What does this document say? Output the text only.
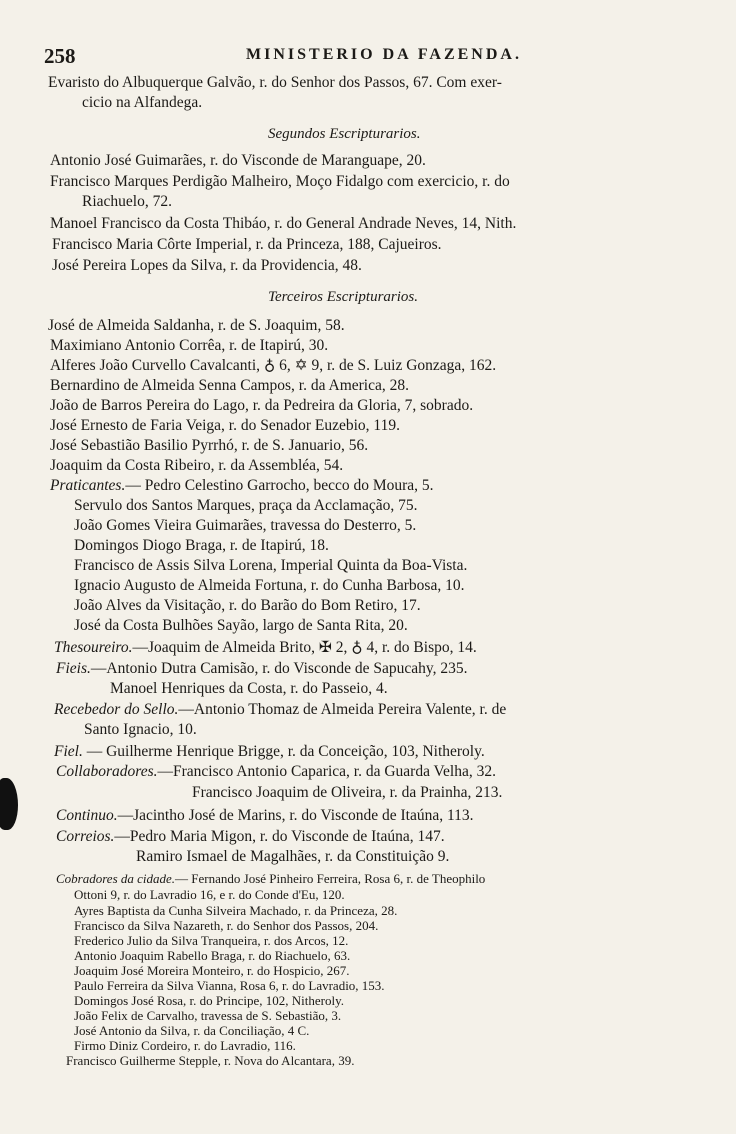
258	MINISTERIO DA FAZENDA.
Evaristo do Albuquerque Galvão, r. do Senhor dos Passos, 67. Com exer-
cicio na Alfandega.
Segundos Escripturarios.
Antonio José Guimarães, r. do Visconde de Maranguape, 20.
Francisco Marques Perdigão Malheiro, Moço Fidalgo com exercicio, r. do
Riachuelo, 72.
Manoel Francisco da Costa Thibáo, r. do General Andrade Neves, 14, Nith.
Francisco Maria Côrte Imperial, r. da Princeza, 188, Cajueiros.
José Pereira Lopes da Silva, r. da Providencia, 48.
Terceiros Escripturarios.
José de Almeida Saldanha, r. de S. Joaquim, 58.
Maximiano Antonio Corrêa, r. de Itapirú, 30.
Alferes João Curvello Cavalcanti, ♁ 6, ✡ 9, r. de S. Luiz Gonzaga, 162.
Bernardino de Almeida Senna Campos, r. da America, 28.
João de Barros Pereira do Lago, r. da Pedreira da Gloria, 7, sobrado.
José Ernesto de Faria Veiga, r. do Senador Euzebio, 119.
José Sebastião Basilio Pyrrhó, r. de S. Januario, 56.
Joaquim da Costa Ribeiro, r. da Assembléa, 54.
Praticantes.— Pedro Celestino Garrocho, becco do Moura, 5.
Servulo dos Santos Marques, praça da Acclamação, 75.
João Gomes Vieira Guimarães, travessa do Desterro, 5.
Domingos Diogo Braga, r. de Itapirú, 18.
Francisco de Assis Silva Lorena, Imperial Quinta da Boa-Vista.
Ignacio Augusto de Almeida Fortuna, r. do Cunha Barbosa, 10.
João Alves da Visitação, r. do Barão do Bom Retiro, 17.
José da Costa Bulhões Sayão, largo de Santa Rita, 20.
Thesoureiro.—Joaquim de Almeida Brito, ✠ 2, ♁ 4, r. do Bispo, 14.
Fieis.—Antonio Dutra Camisão, r. do Visconde de Sapucahy, 235.
Manoel Henriques da Costa, r. do Passeio, 4.
Recebedor do Sello.—Antonio Thomaz de Almeida Pereira Valente, r. de
Santo Ignacio, 10.
Fiel. — Guilherme Henrique Brigge, r. da Conceição, 103, Nitheroly.
Collaboradores.—Francisco Antonio Caparica, r. da Guarda Velha, 32.
Francisco Joaquim de Oliveira, r. da Prainha, 213.
Continuo.—Jacintho José de Marins, r. do Visconde de Itaúna, 113.
Correios.—Pedro Maria Migon, r. do Visconde de Itaúna, 147.
Ramiro Ismael de Magalhães, r. da Constituição 9.
Cobradores da cidade.— Fernando José Pinheiro Ferreira, Rosa 6, r. de Theophilo
Ottoni 9, r. do Lavradio 16, e r. do Conde d'Eu, 120.
Ayres Baptista da Cunha Silveira Machado, r. da Princeza, 28.
Francisco da Silva Nazareth, r. do Senhor dos Passos, 204.
Frederico Julio da Silva Tranqueira, r. dos Arcos, 12.
Antonio Joaquim Rabello Braga, r. do Riachuelo, 63.
Joaquim José Moreira Monteiro, r. do Hospicio, 267.
Paulo Ferreira da Silva Vianna, Rosa 6, r. do Lavradio, 153.
Domingos José Rosa, r. do Principe, 102, Nitheroly.
João Felix de Carvalho, travessa de S. Sebastião, 3.
José Antonio da Silva, r. da Conciliação, 4 C.
Firmo Diniz Cordeiro, r. do Lavradio, 116.
Francisco Guilherme Stepple, r. Nova do Alcantara, 39.
